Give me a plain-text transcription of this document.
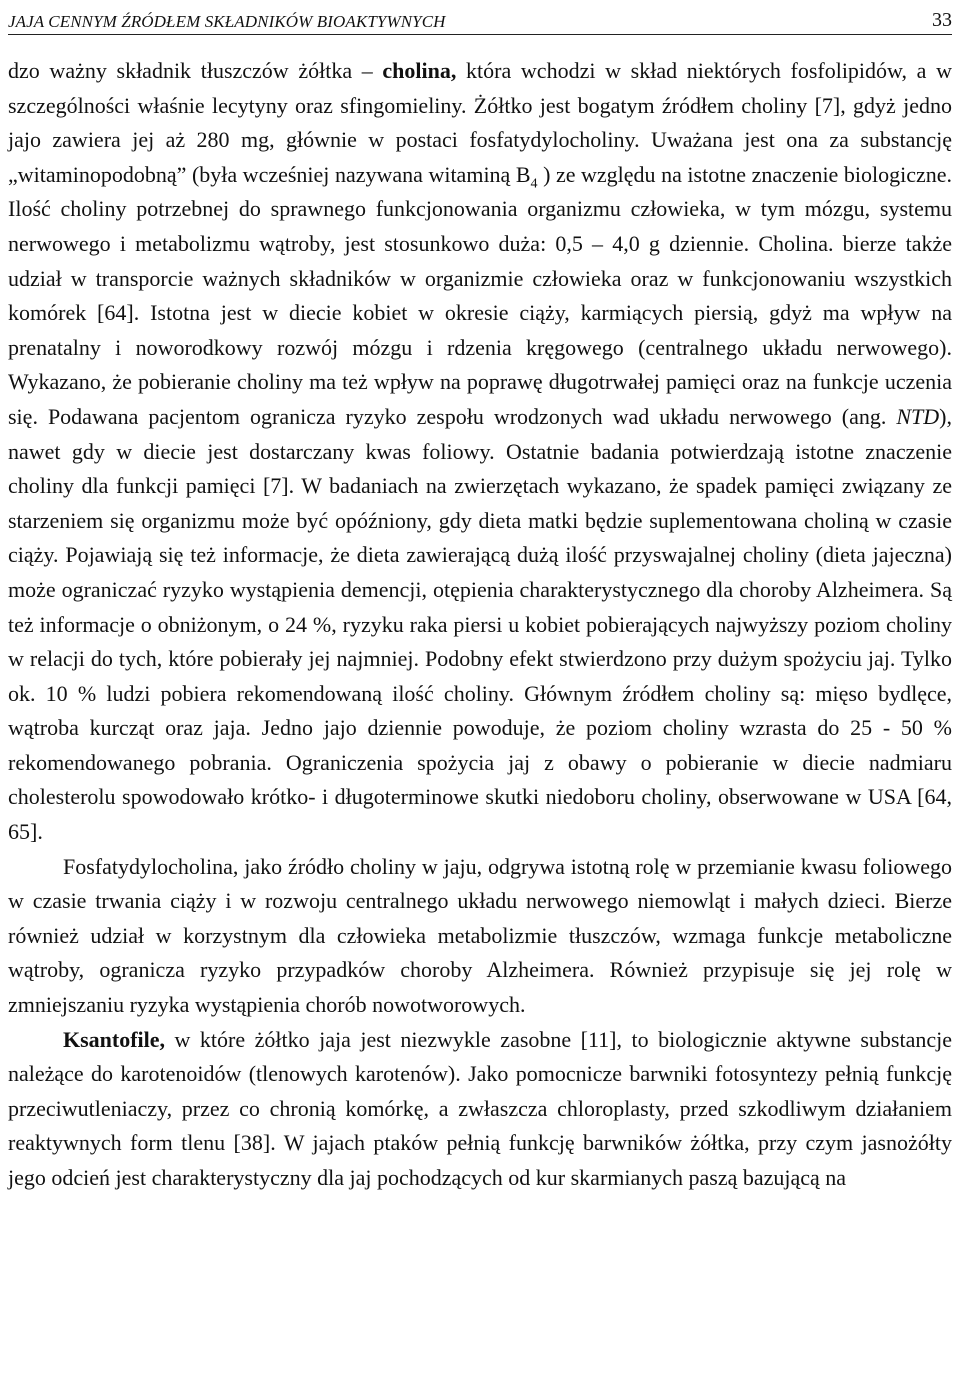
JAJA CENNYM ŹRÓDŁEM SKŁADNIKÓW BIOAKTYWNYCH	33

dzo ważny składnik tłuszczów żółtka – cholina, która wchodzi w skład niektórych fosfolipidów, a w szczególności właśnie lecytyny oraz sfingomieliny. Żółtko jest bogatym źródłem choliny [7], gdyż jedno jajo zawiera jej aż 280 mg, głównie w postaci fosfatydylocholiny. Uważana jest ona za substancję „witaminopodobną” (była wcześniej nazywana witaminą $B_4$ ) ze względu na istotne znaczenie biologiczne. Ilość choliny potrzebnej do sprawnego funkcjonowania organizmu człowieka, w tym mózgu, systemu nerwowego i metabolizmu wątroby, jest stosunkowo duża: 0,5 – 4,0 g dziennie. Cholina. bierze także udział w transporcie ważnych składników w organizmie człowieka oraz w funkcjonowaniu wszystkich komórek [64]. Istotna jest w diecie kobiet w okresie ciąży, karmiących piersią, gdyż ma wpływ na prenatalny i noworodkowy rozwój mózgu i rdzenia kręgowego (centralnego układu nerwowego). Wykazano, że pobieranie choliny ma też wpływ na poprawę długotrwałej pamięci oraz na funkcje uczenia się. Podawana pacjentom ogranicza ryzyko zespołu wrodzonych wad układu nerwowego (ang. NTD), nawet gdy w diecie jest dostarczany kwas foliowy. Ostatnie badania potwierdzają istotne znaczenie choliny dla funkcji pamięci [7]. W badaniach na zwierzętach wykazano, że spadek pamięci związany ze starzeniem się organizmu może być opóźniony, gdy dieta matki będzie suplementowana choliną w czasie ciąży. Pojawiają się też informacje, że dieta zawierającą dużą ilość przyswajalnej choliny (dieta jajeczna) może ograniczać ryzyko wystąpienia demencji, otępienia charakterystycznego dla choroby Alzheimera. Są też informacje o obniżonym, o 24 %, ryzyku raka piersi u kobiet pobierających najwyższy poziom choliny w relacji do tych, które pobierały jej najmniej. Podobny efekt stwierdzono przy dużym spożyciu jaj. Tylko ok. 10 % ludzi pobiera rekomendowaną ilość choliny. Głównym źródłem choliny są: mięso bydlęce, wątroba kurcząt oraz jaja. Jedno jajo dziennie powoduje, że poziom choliny wzrasta do 25 - 50 % rekomendowanego pobrania. Ograniczenia spożycia jaj z obawy o pobieranie w diecie nadmiaru cholesterolu spowodowało krótko- i długoterminowe skutki niedoboru choliny, obserwowane w USA [64, 65].

Fosfatydylocholina, jako źródło choliny w jaju, odgrywa istotną rolę w przemianie kwasu foliowego w czasie trwania ciąży i w rozwoju centralnego układu nerwowego niemowląt i małych dzieci. Bierze również udział w korzystnym dla człowieka metabolizmie tłuszczów, wzmaga funkcje metaboliczne wątroby, ogranicza ryzyko przypadków choroby Alzheimera. Również przypisuje się jej rolę w zmniejszaniu ryzyka wystąpienia chorób nowotworowych.

Ksantofile, w które żółtko jaja jest niezwykle zasobne [11], to biologicznie aktywne substancje należące do karotenoidów (tlenowych karotenów). Jako pomocnicze barwniki fotosyntezy pełnią funkcję przeciwutleniaczy, przez co chronią komórkę, a zwłaszcza chloroplasty, przed szkodliwym działaniem reaktywnych form tlenu [38]. W jajach ptaków pełnią funkcję barwników żółtka, przy czym jasnożółty jego odcień jest charakterystyczny dla jaj pochodzących od kur skarmianych paszą bazującą na
